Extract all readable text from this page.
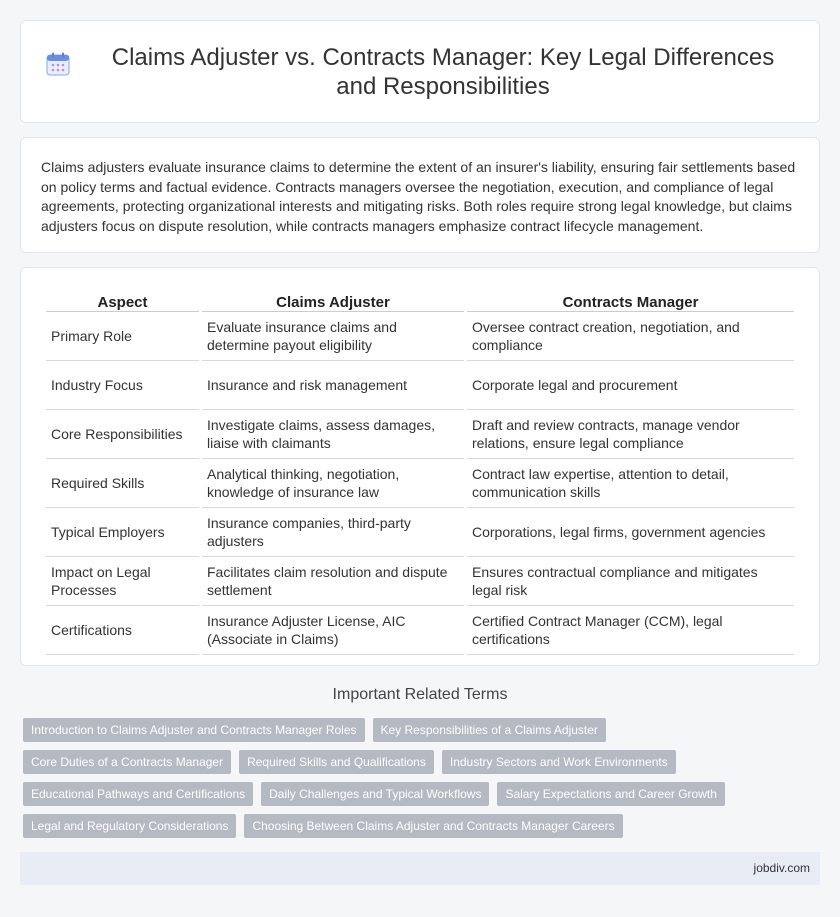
Claims Adjuster vs. Contracts Manager: Key Legal Differences and Responsibilities

Claims adjusters evaluate insurance claims to determine the extent of an insurer's liability, ensuring fair settlements based on policy terms and factual evidence. Contracts managers oversee the negotiation, execution, and compliance of legal agreements, protecting organizational interests and mitigating risks. Both roles require strong legal knowledge, but claims adjusters focus on dispute resolution, while contracts managers emphasize contract lifecycle management.

Aspect	Claims Adjuster	Contracts Manager
Primary Role	Evaluate insurance claims and determine payout eligibility	Oversee contract creation, negotiation, and compliance
Industry Focus	Insurance and risk management	Corporate legal and procurement
Core Responsibilities	Investigate claims, assess damages, liaise with claimants	Draft and review contracts, manage vendor relations, ensure legal compliance
Required Skills	Analytical thinking, negotiation, knowledge of insurance law	Contract law expertise, attention to detail, communication skills
Typical Employers	Insurance companies, third-party adjusters	Corporations, legal firms, government agencies
Impact on Legal Processes	Facilitates claim resolution and dispute settlement	Ensures contractual compliance and mitigates legal risk
Certifications	Insurance Adjuster License, AIC (Associate in Claims)	Certified Contract Manager (CCM), legal certifications
Important Related Terms
Introduction to Claims Adjuster and Contracts Manager Roles	Key Responsibilities of a Claims Adjuster
Core Duties of a Contracts Manager	Required Skills and Qualifications	Industry Sectors and Work Environments
Educational Pathways and Certifications	Daily Challenges and Typical Workflows	Salary Expectations and Career Growth
Legal and Regulatory Considerations	Choosing Between Claims Adjuster and Contracts Manager Careers
jobdiv.com
